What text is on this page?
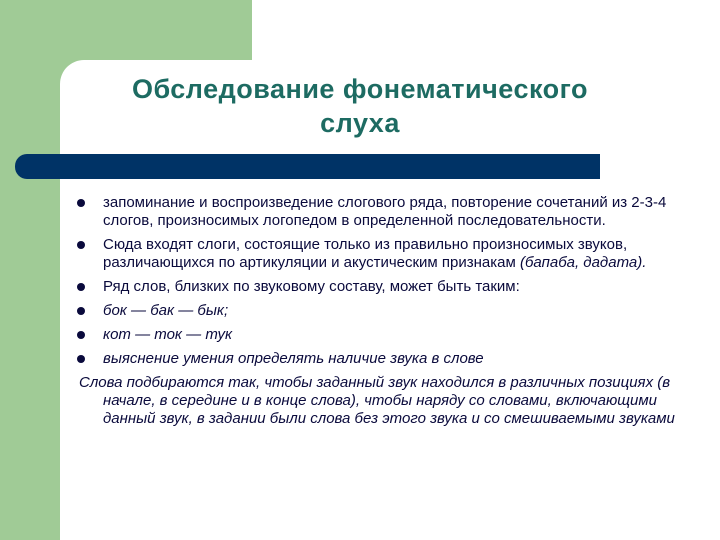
Обследование фонематического
слуха
запоминание и воспроизведение слогового ряда, повторение сочетаний из 2-3-4 слогов, произносимых логопедом в определенной последовательности.
Сюда входят слоги, состоящие только из правильно произносимых звуков, различающихся по артикуляции и акустическим признакам (бапаба, дадата).
Ряд слов, близких по звуковому составу, может быть таким:
бок — бак — бык;
кот — ток — тук
выяснение умения определять наличие звука в слове
Слова подбираются так, чтобы заданный звук находился в различных позициях (в начале, в середине и в конце слова), чтобы наряду со словами, включающими данный звук, в задании были слова без этого звука и со смешиваемыми звуками
